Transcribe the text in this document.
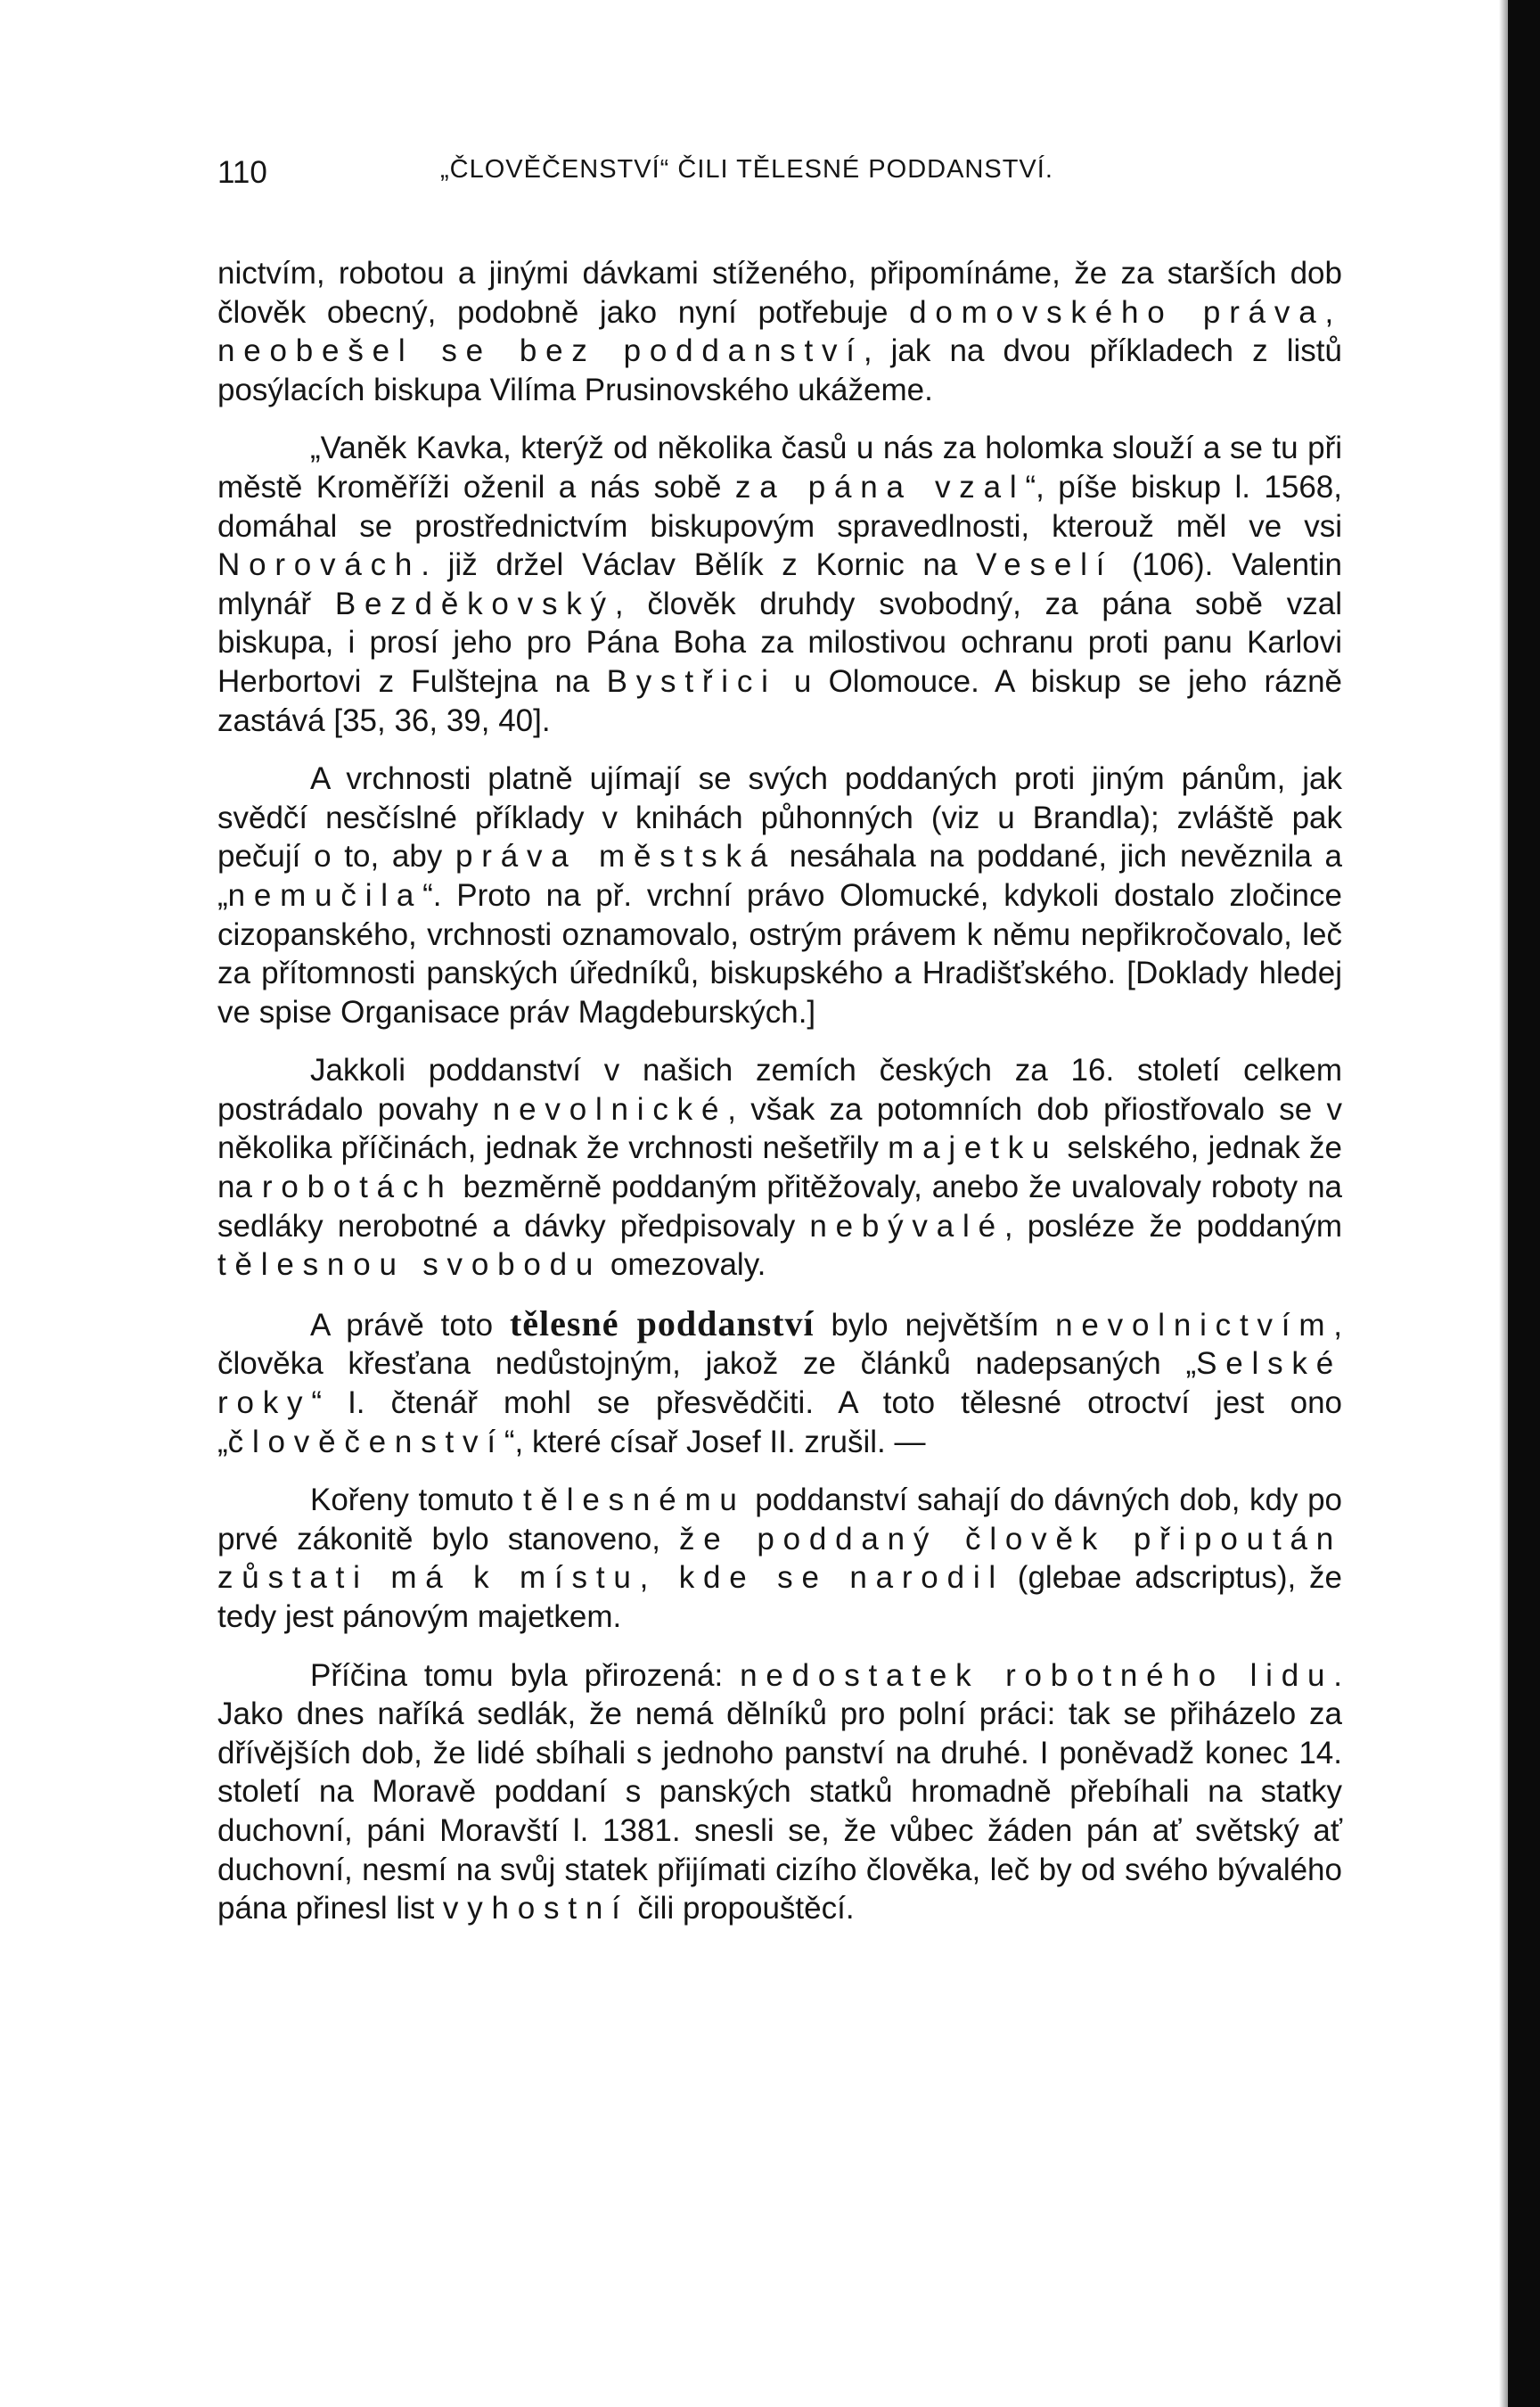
110	„ČLOVĚČENSTVÍ“ ČILI TĚLESNÉ PODDANSTVÍ.

nictvím, robotou a jinými dávkami stíženého, připomínáme, že za starších dob člověk obecný, podobně jako nyní potřebuje domovského práva, neobešel se bez poddanství, jak na dvou příkladech z listů posýlacích biskupa Vilíma Prusinovského ukážeme.

„Vaněk Kavka, kterýž od několika časů u nás za holomka slouží a se tu při městě Kroměříži oženil a nás sobě za pána vzal“, píše biskup l. 1568, domáhal se prostřednictvím biskupovým spravedlnosti, kterouž měl ve vsi Norovách. již držel Václav Bělík z Kornic na Veselí (106). Valentin mlynář Bezděkovský, člověk druhdy svobodný, za pána sobě vzal biskupa, i prosí jeho pro Pána Boha za milostivou ochranu proti panu Karlovi Herbortovi z Fulštejna na Bystřici u Olomouce. A biskup se jeho rázně zastává [35, 36, 39, 40].

A vrchnosti platně ujímají se svých poddaných proti jiným pánům, jak svědčí nesčíslné příklady v knihách půhonných (viz u Brandla); zvláště pak pečují o to, aby práva městská nesáhala na poddané, jich nevěznila a „nemučila“. Proto na př. vrchní právo Olomucké, kdykoli dostalo zločince cizopanského, vrchnosti oznamovalo, ostrým právem k němu nepřikročovalo, leč za přítomnosti panských úředníků, biskupského a Hradišťského. [Doklady hledej ve spise Organisace práv Magdeburských.]

Jakkoli poddanství v našich zemích českých za 16. století celkem postrádalo povahy nevolnické, však za potomních dob přiostřovalo se v několika příčinách, jednak že vrchnosti nešetřily majetku selského, jednak že na robotách bezměrně poddaným přitěžovaly, anebo že uvalovaly roboty na sedláky nerobotné a dávky předpisovaly nebývalé, posléze že poddaným tělesnou svobodu omezovaly.

A právě toto tělesné poddanství bylo největším nevolnictvím, člověka křesťana nedůstojným, jakož ze článků nadepsaných „Selské roky“ I. čtenář mohl se přesvědčiti. A toto tělesné otroctví jest ono „člověčenství“, které císař Josef II. zrušil. —

Kořeny tomuto tělesnému poddanství sahají do dávných dob, kdy po prvé zákonitě bylo stanoveno, že poddaný člověk připoután zůstati má k místu, kde se narodil (glebae adscriptus), že tedy jest pánovým majetkem.

Příčina tomu byla přirozená: nedostatek robotného lidu. Jako dnes naříká sedlák, že nemá dělníků pro polní práci: tak se přiházelo za dřívějších dob, že lidé sbíhali s jednoho panství na druhé. I poněvadž konec 14. století na Moravě poddaní s panských statků hromadně přebíhali na statky duchovní, páni Moravští l. 1381. snesli se, že vůbec žáden pán ať světský ať duchovní, nesmí na svůj statek přijímati cizího člověka, leč by od svého bývalého pána přinesl list vyhostní čili propouštěcí.
